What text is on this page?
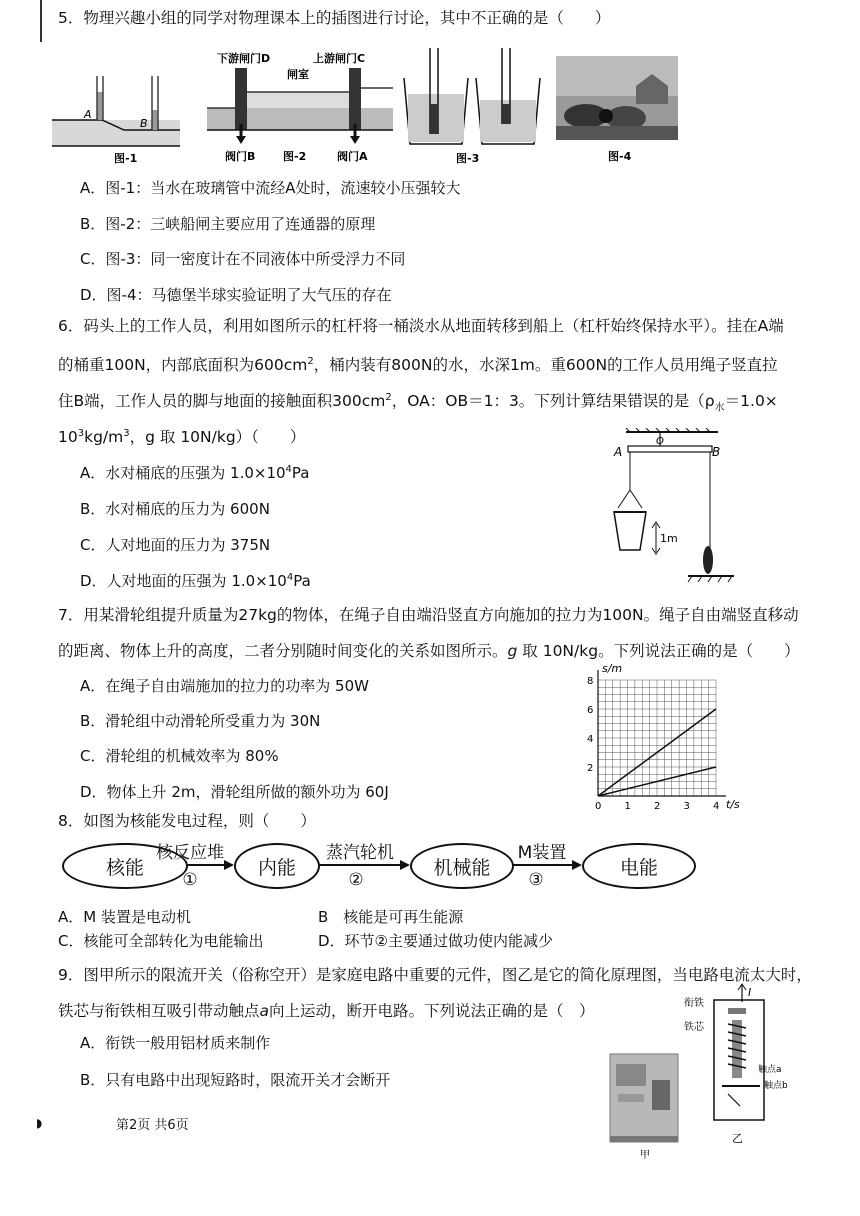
5．物理兴趣小组的同学对物理课本上的插图进行讨论，其中不正确的是（　　）
A
B
图-1
下游闸门D	上游闸门C
闸室
阀门B	图-2	阀门A	图-3	图-4
A．图-1：当水在玻璃管中流经A处时，流速较小压强较大
B．图-2：三峡船闸主要应用了连通器的原理
C．图-3：同一密度计在不同液体中所受浮力不同
D．图-4：马德堡半球实验证明了大气压的存在
6．码头上的工作人员，利用如图所示的杠杆将一桶淡水从地面转移到船上（杠杆始终保持水平）。挂在A端
的桶重100N，内部底面积为$600cm^2$，桶内装有800N的水，水深1m。重600N的工作人员用绳子竖直拉
住B端，工作人员的脚与地面的接触面积$300cm^2$，OA：OB＝1：3。下列计算结果错误的是（$\rho_水=1.0\times$
$10^3kg/m^3$，g 取 10N/kg）（　　）
A．水对桶底的压强为 $1.0\times 10^4Pa$
B．水对桶底的压力为 600N
C．人对地面的压力为 375N
D．人对地面的压强为 $1.0\times 10^4Pa$
A
O
B
1m
7．用某滑轮组提升质量为27kg的物体，在绳子自由端沿竖直方向施加的拉力为100N。绳子自由端竖直移动
的距离、物体上升的高度，二者分别随时间变化的关系如图所示。g 取 10N/kg。下列说法正确的是（　　）
A．在绳子自由端施加的拉力的功率为 50W
B．滑轮组中动滑轮所受重力为 30N
C．滑轮组的机械效率为 80%
D．物体上升 2m，滑轮组所做的额外功为 60J
0 1 2 3 4
2
4
6
8
s/m
t/s
8．如图为核能发电过程，则（　　）
核能	内能	机械能	电能
核反应堆
①
蒸汽轮机
②
M装置
③
A．M 装置是电动机	B　核能是可再生能源
C．核能可全部转化为电能输出	D．环节②主要通过做功使内能减少
9．图甲所示的限流开关（俗称空开）是家庭电路中重要的元件，图乙是它的简化原理图，当电路电流太大时，
铁芯与衔铁相互吸引带动触点a向上运动，断开电路。下列说法正确的是（　）
A．衔铁一般用铝材质来制作
B．只有电路中出现短路时，限流开关才会断开
甲
I
衔铁
铁芯
触点a
触点b
乙
◗	第2页 共6页
